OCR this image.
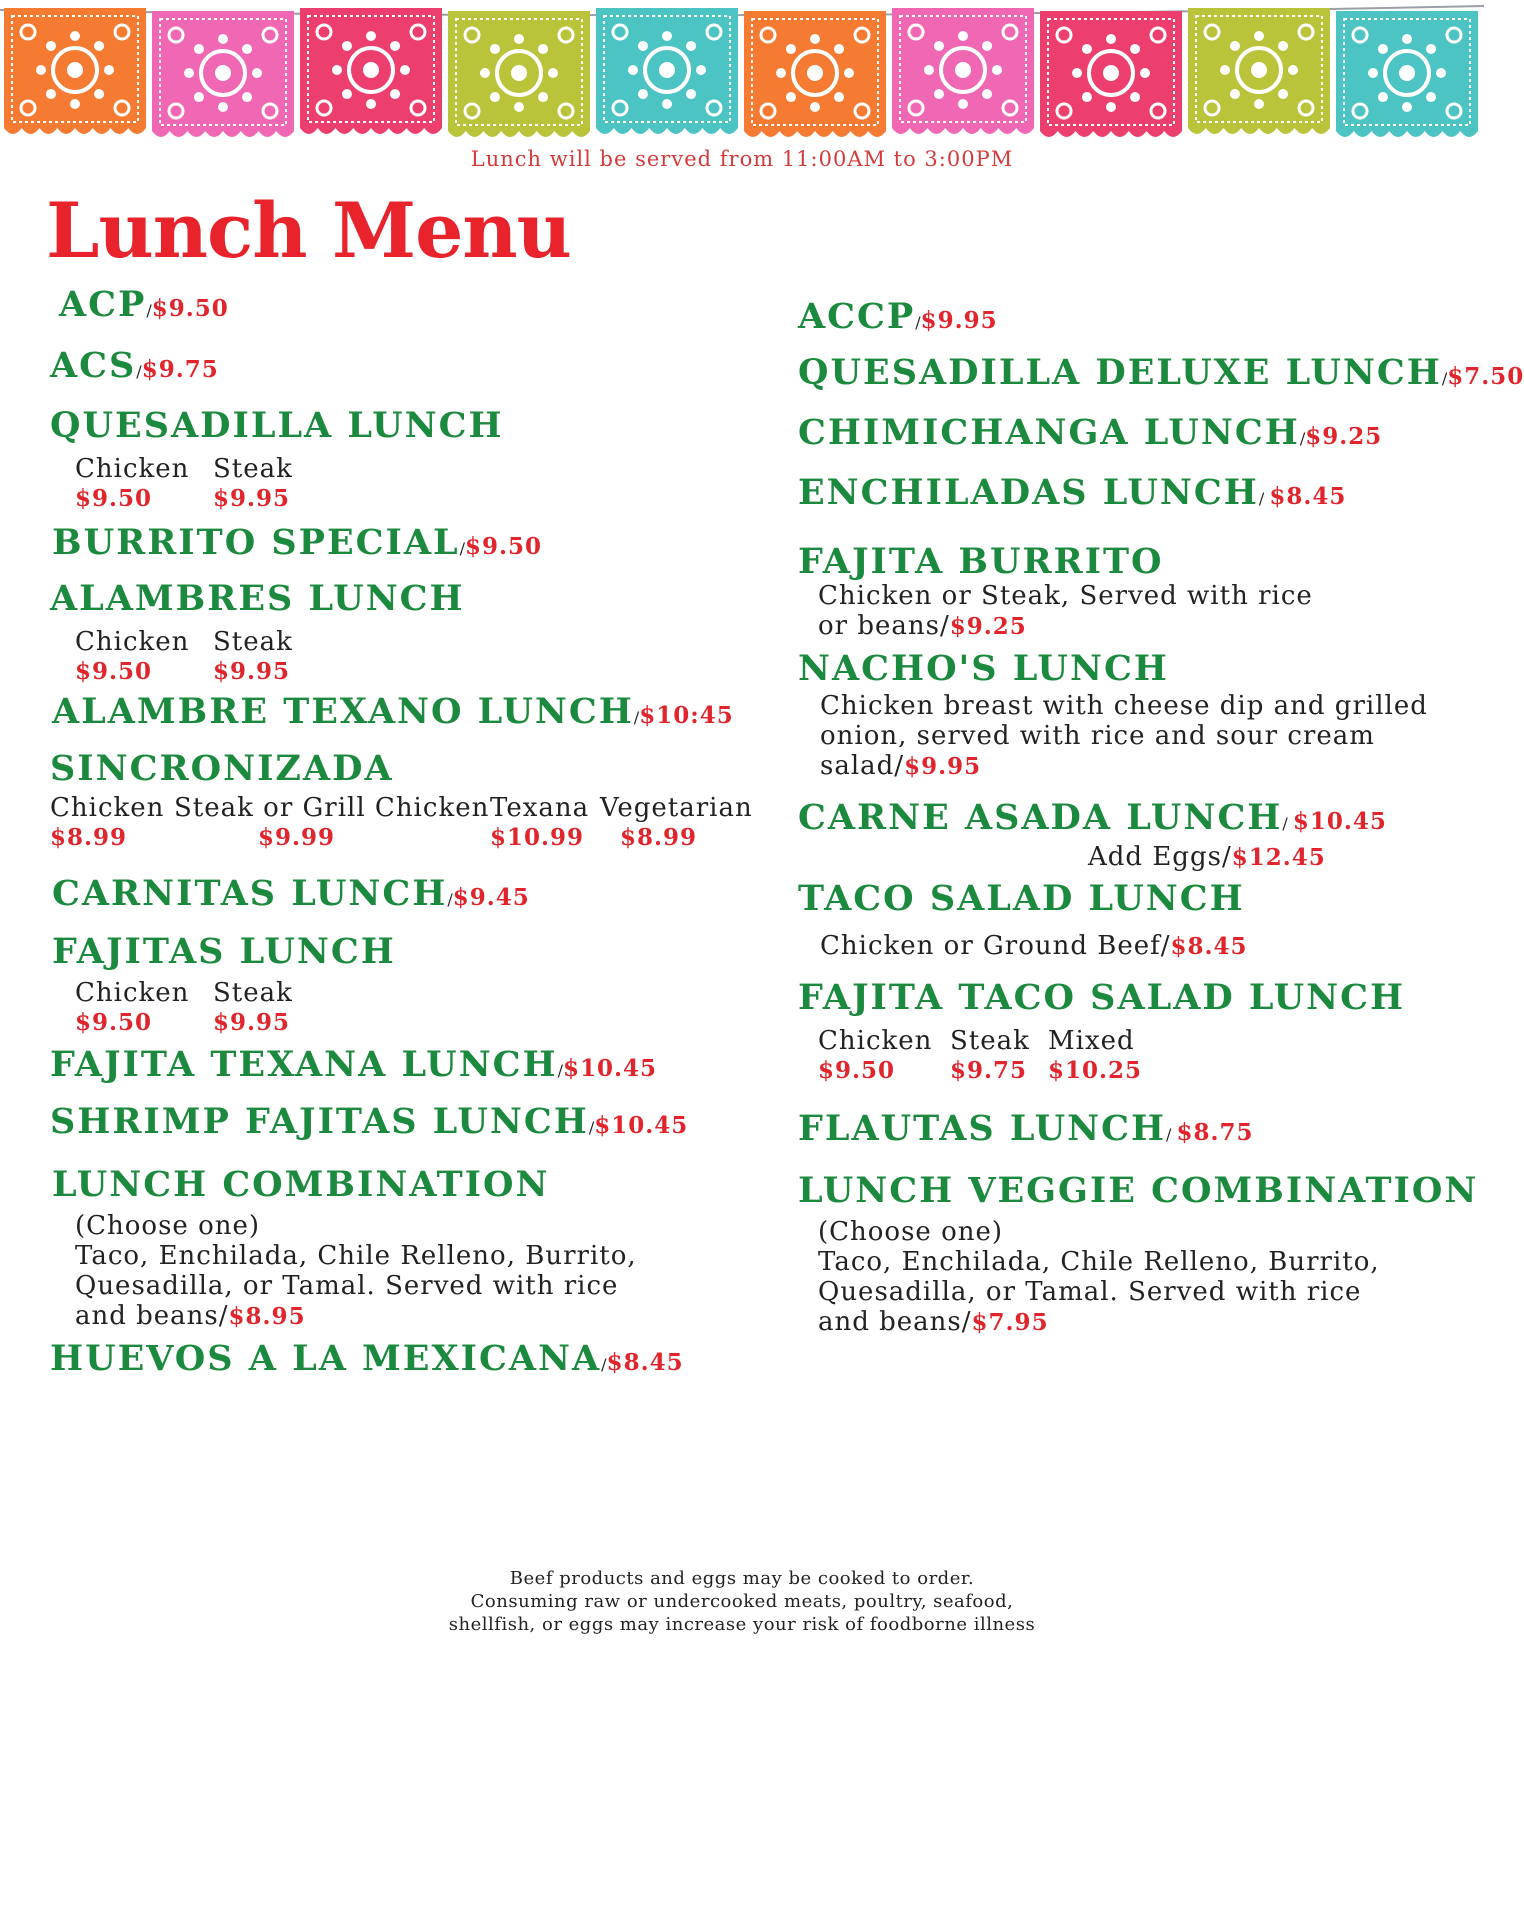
Lunch will be served from 11:00AM to 3:00PM
Lunch Menu
ACP/$9.50
ACS/$9.75
QUESADILLA LUNCH
Chicken
$9.50
Steak
$9.95
BURRITO SPECIAL/$9.50
ALAMBRES LUNCH
Chicken
$9.50
Steak
$9.95
ALAMBRE TEXANO LUNCH/$10:45
SINCRONIZADA
Chicken
$8.99
Steak or Grill Chicken
$9.99
Texana
$10.99
Vegetarian
$8.99
CARNITAS LUNCH/$9.45
FAJITAS LUNCH
Chicken
$9.50
Steak
$9.95
FAJITA TEXANA LUNCH/$10.45
SHRIMP FAJITAS LUNCH/$10.45
LUNCH COMBINATION
(Choose one)
Taco, Enchilada, Chile Relleno, Burrito,
Quesadilla, or Tamal. Served with rice
and beans/$8.95
HUEVOS A LA MEXICANA/$8.45
ACCP/$9.95
QUESADILLA DELUXE LUNCH/$7.50
CHIMICHANGA LUNCH/$9.25
ENCHILADAS LUNCH/ $8.45
FAJITA BURRITO
Chicken or Steak, Served with rice
or beans/$9.25
NACHO'S LUNCH
Chicken breast with cheese dip and grilled
onion, served with rice and sour cream
salad/$9.95
CARNE ASADA LUNCH/ $10.45
Add Eggs/$12.45
TACO SALAD LUNCH
Chicken or Ground Beef/$8.45
FAJITA TACO SALAD LUNCH
Chicken
$9.50
Steak
$9.75
Mixed
$10.25
FLAUTAS LUNCH/ $8.75
LUNCH VEGGIE COMBINATION
(Choose one)
Taco, Enchilada, Chile Relleno, Burrito,
Quesadilla, or Tamal. Served with rice
and beans/$7.95
Beef products and eggs may be cooked to order.
Consuming raw or undercooked meats, poultry, seafood,
shellfish, or eggs may increase your risk of foodborne illness
